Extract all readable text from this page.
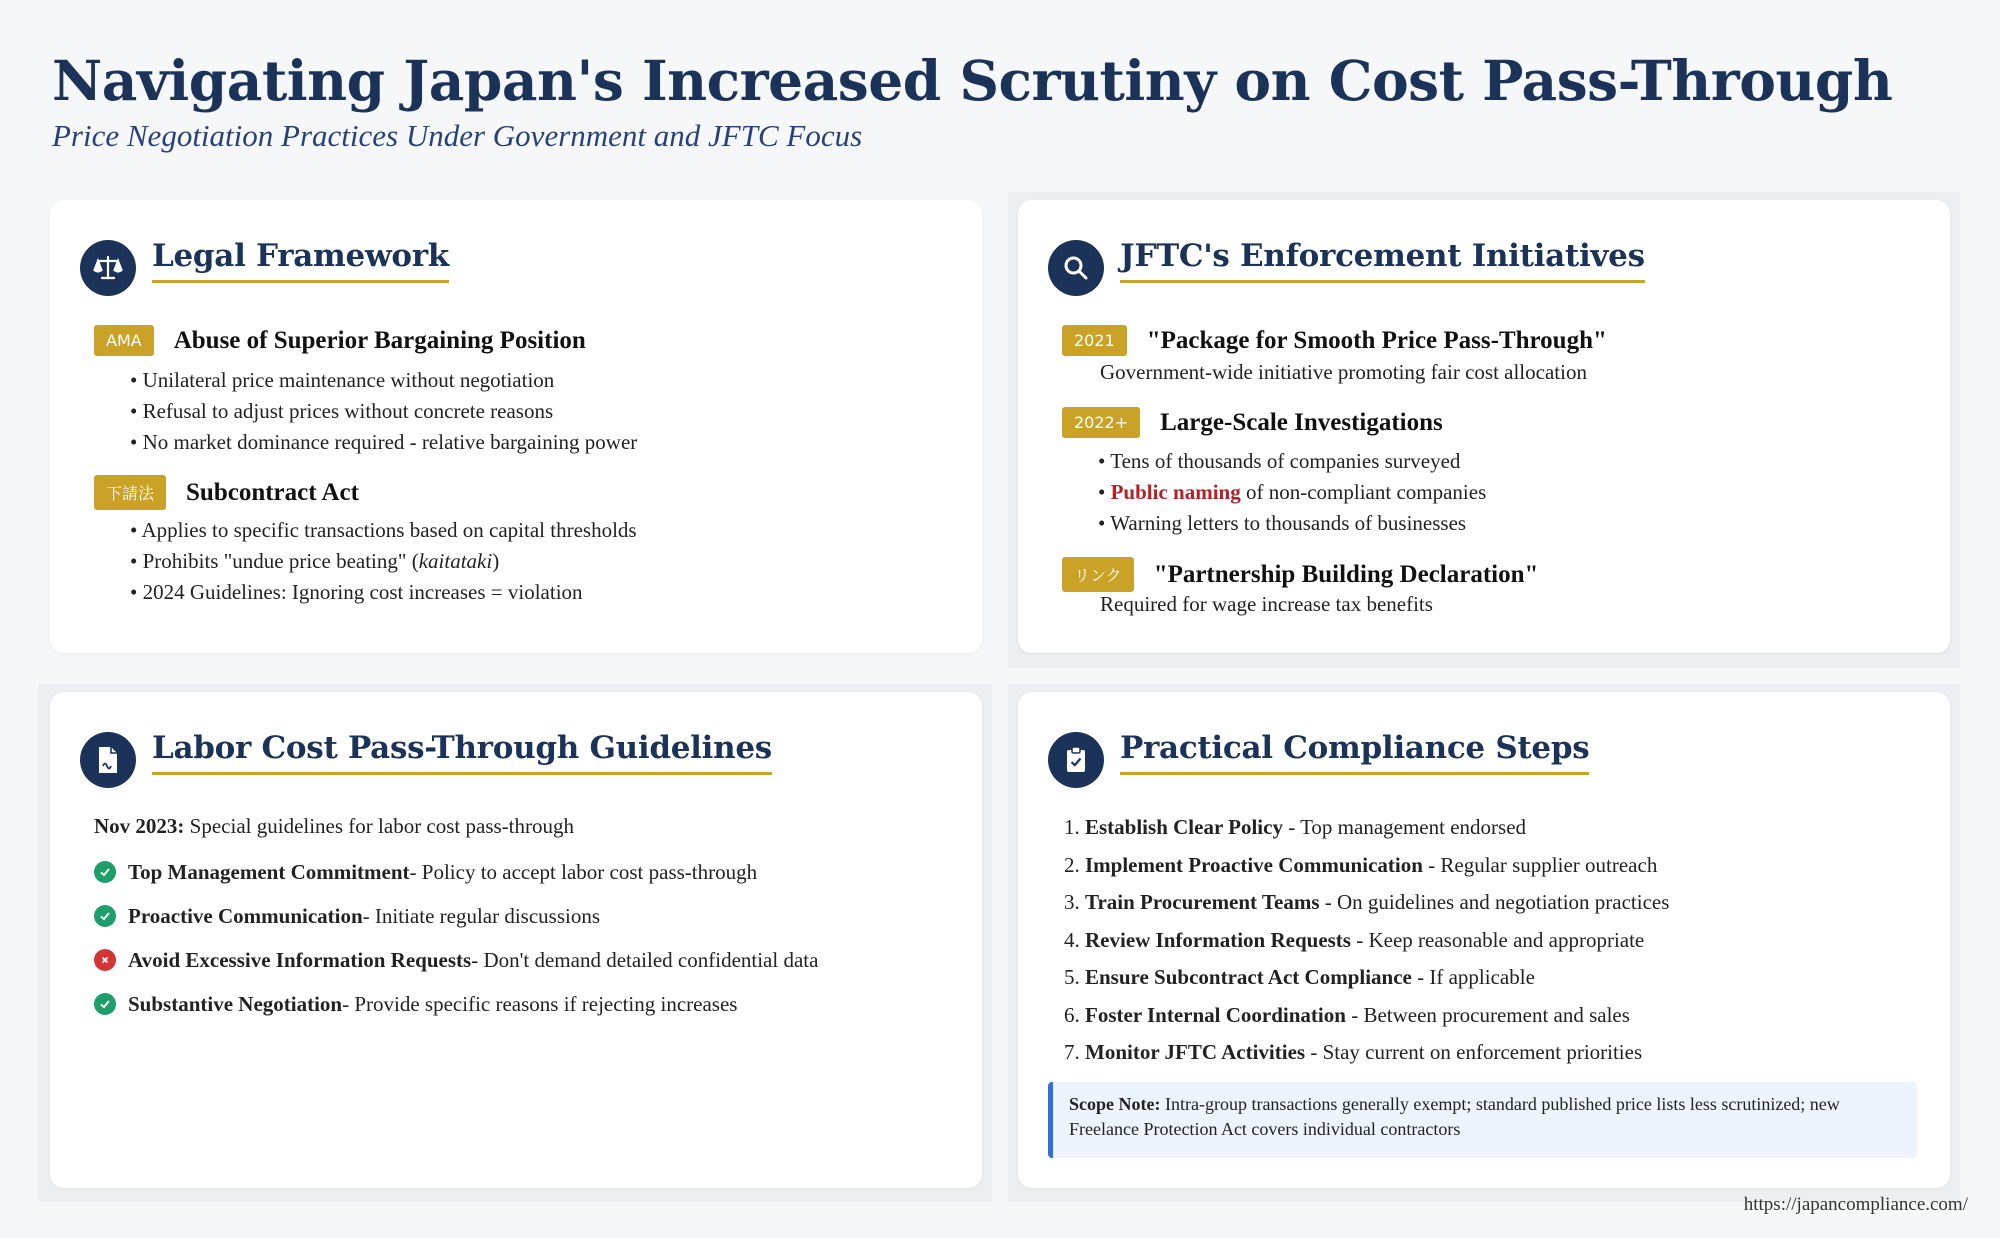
Navigating Japan's Increased Scrutiny on Cost Pass-Through
Price Negotiation Practices Under Government and JFTC Focus
Legal Framework
AMA	Abuse of Superior Bargaining Position
• Unilateral price maintenance without negotiation
• Refusal to adjust prices without concrete reasons
• No market dominance required - relative bargaining power
下請法	Subcontract Act
• Applies to specific transactions based on capital thresholds
• Prohibits "undue price beating" (kaitataki)
• 2024 Guidelines: Ignoring cost increases = violation
JFTC's Enforcement Initiatives
2021	"Package for Smooth Price Pass-Through"
Government-wide initiative promoting fair cost allocation
2022+	Large-Scale Investigations
• Tens of thousands of companies surveyed
• Public naming of non-compliant companies
• Warning letters to thousands of businesses
リンク	"Partnership Building Declaration"
Required for wage increase tax benefits
Labor Cost Pass-Through Guidelines
Nov 2023: Special guidelines for labor cost pass-through
Top Management Commitment - Policy to accept labor cost pass-through
Proactive Communication - Initiate regular discussions
Avoid Excessive Information Requests - Don't demand detailed confidential data
Substantive Negotiation - Provide specific reasons if rejecting increases
Practical Compliance Steps
1. Establish Clear Policy - Top management endorsed
2. Implement Proactive Communication - Regular supplier outreach
3. Train Procurement Teams - On guidelines and negotiation practices
4. Review Information Requests - Keep reasonable and appropriate
5. Ensure Subcontract Act Compliance - If applicable
6. Foster Internal Coordination - Between procurement and sales
7. Monitor JFTC Activities - Stay current on enforcement priorities
Scope Note: Intra-group transactions generally exempt; standard published price lists less scrutinized; new Freelance Protection Act covers individual contractors
https://japancompliance.com/
